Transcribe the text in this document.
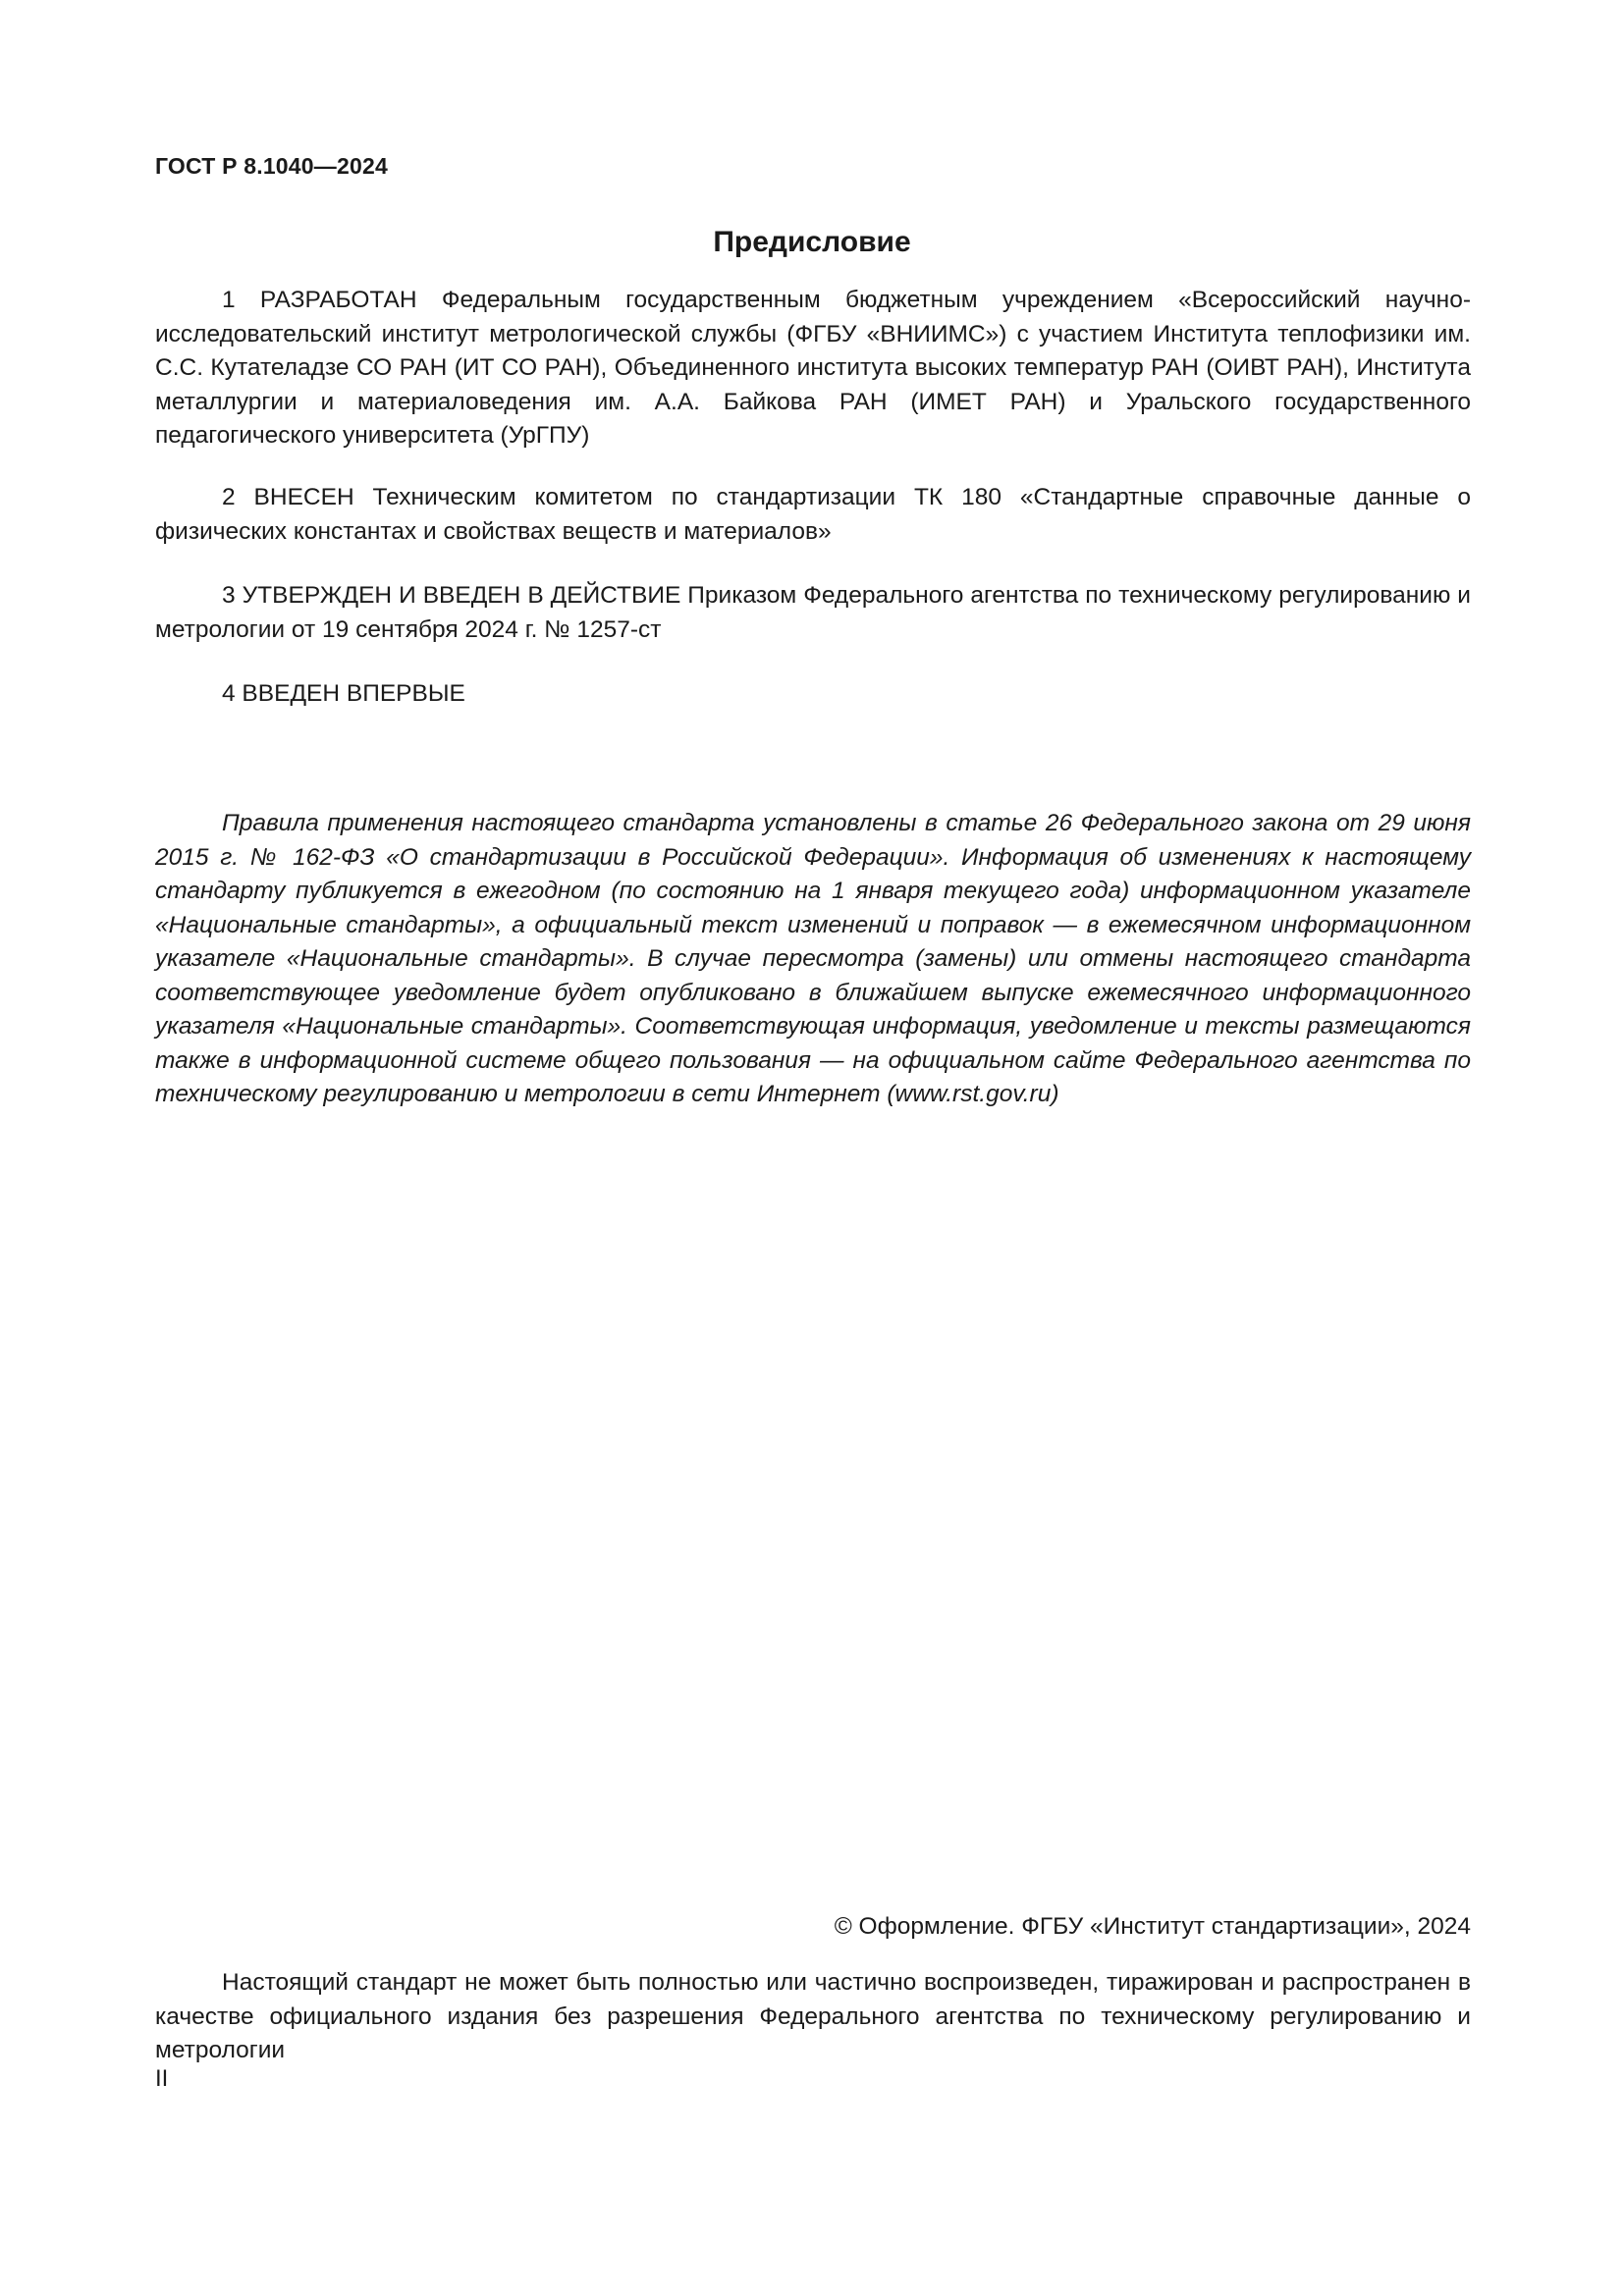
ГОСТ Р 8.1040—2024
Предисловие

1 РАЗРАБОТАН Федеральным государственным бюджетным учреждением «Всероссийский научно-исследовательский институт метрологической службы (ФГБУ «ВНИИМС») с участием Института теплофизики им. С.С. Кутателадзе СО РАН (ИТ СО РАН), Объединенного института высоких температур РАН (ОИВТ РАН), Института металлургии и материаловедения им. А.А. Байкова РАН (ИМЕТ РАН) и Уральского государственного педагогического университета (УрГПУ)

2 ВНЕСЕН Техническим комитетом по стандартизации ТК 180 «Стандартные справочные данные о физических константах и свойствах веществ и материалов»

3 УТВЕРЖДЕН И ВВЕДЕН В ДЕЙСТВИЕ Приказом Федерального агентства по техническому регулированию и метрологии от 19 сентября 2024 г. № 1257-ст

4 ВВЕДЕН ВПЕРВЫЕ

Правила применения настоящего стандарта установлены в статье 26 Федерального закона от 29 июня 2015 г. № 162-ФЗ «О стандартизации в Российской Федерации». Информация об изменениях к настоящему стандарту публикуется в ежегодном (по состоянию на 1 января текущего года) информационном указателе «Национальные стандарты», а официальный текст изменений и поправок — в ежемесячном информационном указателе «Национальные стандарты». В случае пересмотра (замены) или отмены настоящего стандарта соответствующее уведомление будет опубликовано в ближайшем выпуске ежемесячного информационного указателя «Национальные стандарты». Соответствующая информация, уведомление и тексты размещаются также в информационной системе общего пользования — на официальном сайте Федерального агентства по техническому регулированию и метрологии в сети Интернет (www.rst.gov.ru)

© Оформление. ФГБУ «Институт стандартизации», 2024

Настоящий стандарт не может быть полностью или частично воспроизведен, тиражирован и распространен в качестве официального издания без разрешения Федерального агентства по техническому регулированию и метрологии

II
